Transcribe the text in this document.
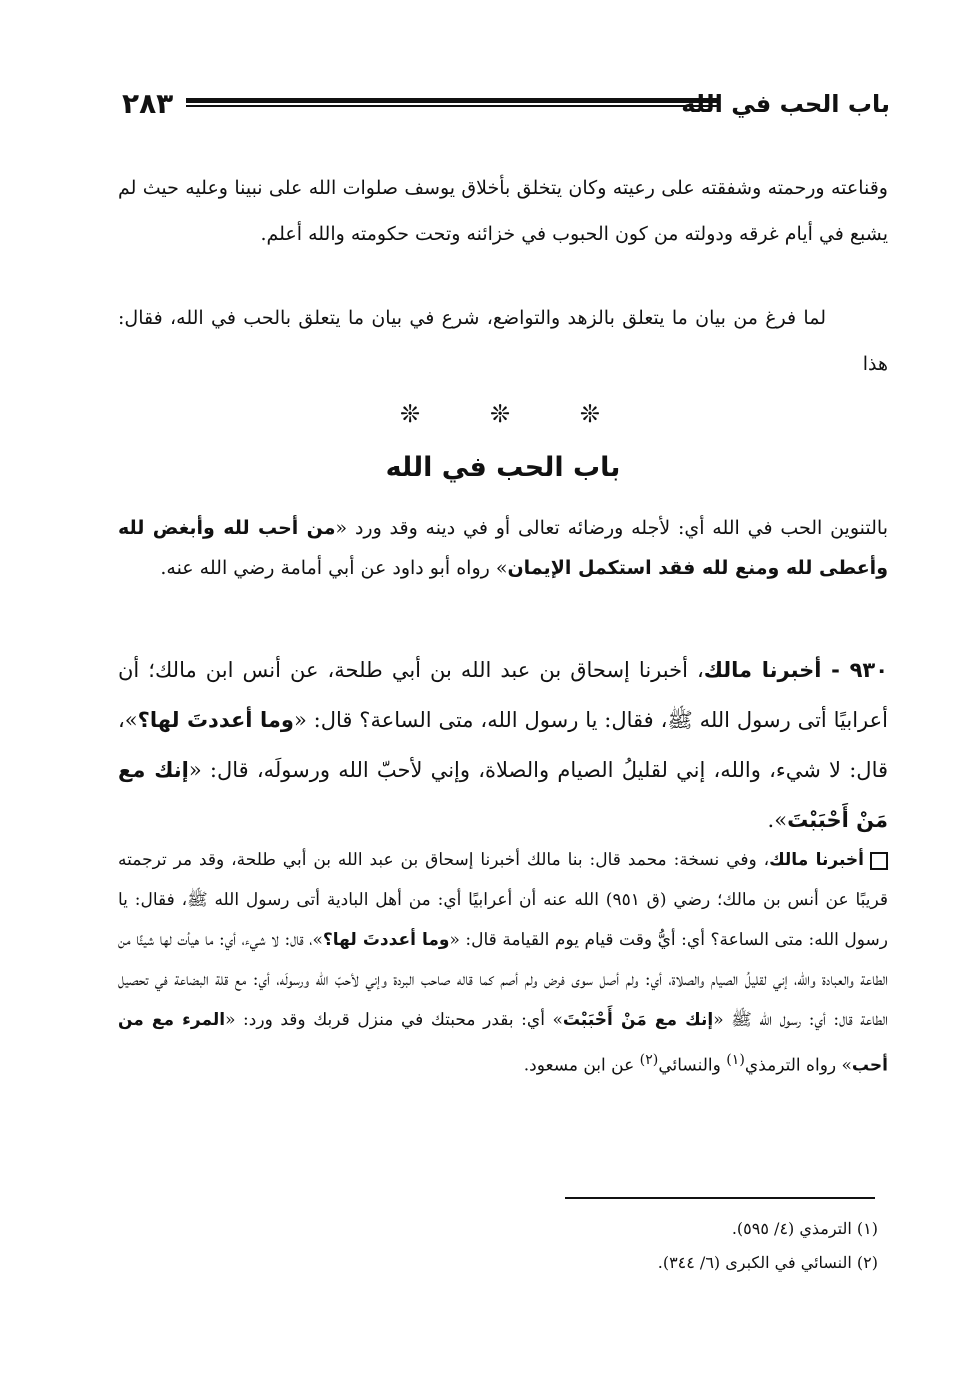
٢٨٣	باب الحب في الله
وقناعته ورحمته وشفقته على رعيته وكان يتخلق بأخلاق يوسف صلوات الله على نبينا وعليه حيث لم يشبع في أيام غرقه ودولته من كون الحبوب في خزائنه وتحت حكومته والله أعلم.
لما فرغ من بيان ما يتعلق بالزهد والتواضع، شرع في بيان ما يتعلق بالحب في الله، فقال: هذا
❊	❊	❊
باب الحب في الله
بالتنوين الحب في الله أي: لأجله ورضائه تعالى أو في دينه وقد ورد «من أحب لله وأبغض لله وأعطى لله ومنع لله فقد استكمل الإيمان» رواه أبو داود عن أبي أمامة رضي الله عنه.
٩٣٠ - أخبرنا مالك، أخبرنا إسحاق بن عبد الله بن أبي طلحة، عن أنس ابن مالك؛ أن أعرابيًا أتى رسول الله ﷺ، فقال: يا رسول الله، متى الساعة؟ قال: «وما أعددتَ لها؟»، قال: لا شيء، والله، إني لقليلُ الصيام والصلاة، وإني لأحبّ الله ورسولَه، قال: «إنك مع مَنْ أَحْبَبْتَ».
أخبرنا مالك، وفي نسخة: محمد قال: بنا مالك أخبرنا إسحاق بن عبد الله بن أبي طلحة، وقد مر ترجمته قريبًا عن أنس بن مالك؛ رضي (ق ٩٥١) الله عنه أن أعرابيًا أي: من أهل البادية أتى رسول الله ﷺ، فقال: يا رسول الله: متى الساعة؟ أي: أيُّ وقت قيام يوم القيامة قال: «وما أعددتَ لها؟»، قال: لا شيء، أي: ما هيأت لها شيئًا من الطاعة والعبادة والله، إني لقليلُ الصيام والصلاة، أي: ولم أصل سوى فرض ولم أصم كما قاله صاحب البردة وإني لأحبّ الله ورسولَه، أي: مع قلة البضاعة في تحصيل الطاعة قال: أي: رسول الله ﷺ «إنك مع مَنْ أَحْبَبْتَ» أي: بقدر محبتك في منزل قربك وقد ورد: «المرء مع من أحب» رواه الترمذي$^{(١)}$ والنسائي$^{(٢)}$ عن ابن مسعود.
(١) الترمذي (٤/ ٥٩٥).
(٢) النسائي في الكبرى (٦/ ٣٤٤).
